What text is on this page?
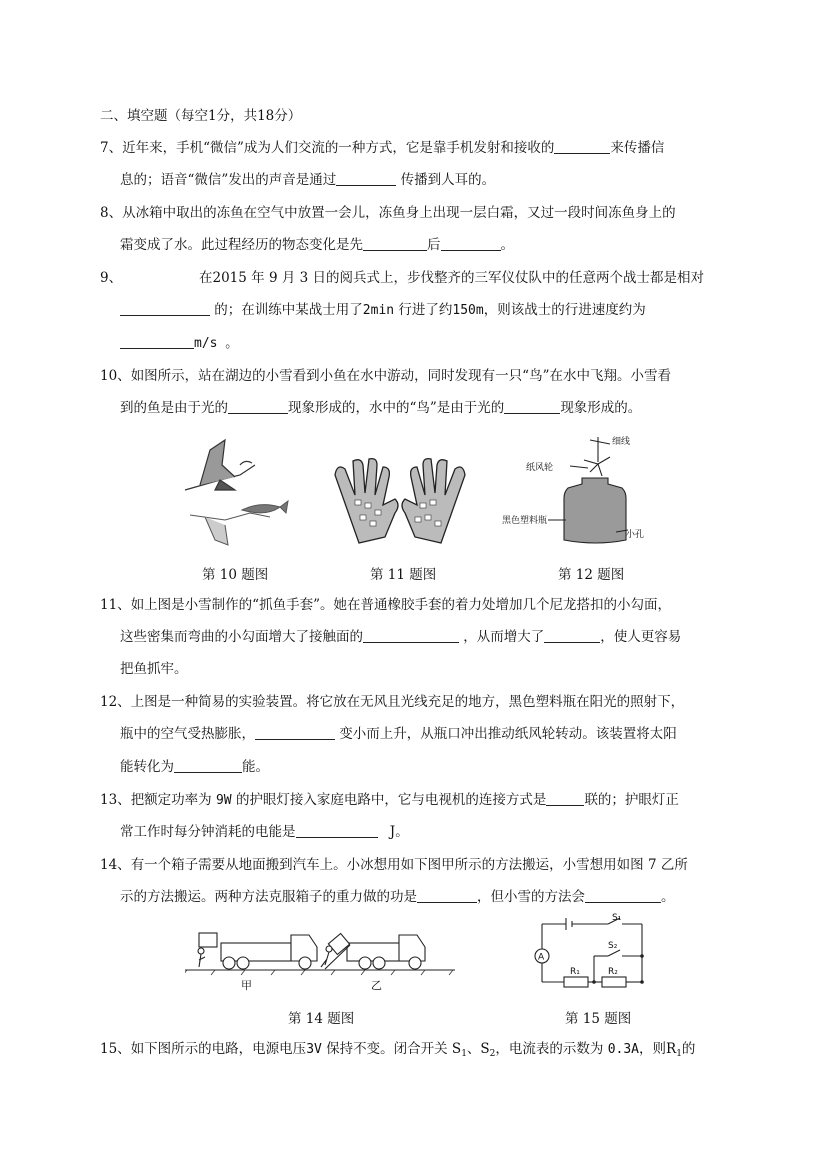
二、填空题（每空1分，共18分）
7、近年来，手机“微信”成为人们交流的一种方式，它是靠手机发射和接收的	来传播信
息的；语音“微信”发出的声音是通过	传播到人耳的。
8、从冰箱中取出的冻鱼在空气中放置一会儿，冻鱼身上出现一层白霜，又过一段时间冻鱼身上的
霜变成了水。此过程经历的物态变化是先	后	。
9、	在2015 年 9 月 3 日的阅兵式上，步伐整齐的三军仪仗队中的任意两个战士都是相对
的；在训练中某战士用了2min 行进了约150m，则该战士的行进速度约为
m/s 。
10、如图所示，站在湖边的小雪看到小鱼在水中游动，同时发现有一只“鸟”在水中飞翔。小雪看
到的鱼是由于光的	现象形成的，水中的“鸟”是由于光的	现象形成的。
第 10 题图	第 11 题图
细线
纸风轮
黑色塑料瓶
小孔
第 12 题图
11、如上图是小雪制作的“抓鱼手套”。她在普通橡胶手套的着力处增加几个尼龙搭扣的小勾面，
这些密集而弯曲的小勾面增大了接触面的	，从而增大了	，使人更容易
把鱼抓牢。
12、上图是一种简易的实验装置。将它放在无风且光线充足的地方，黑色塑料瓶在阳光的照射下，
瓶中的空气受热膨胀，	变小而上升，从瓶口冲出推动纸风轮转动。该装置将太阳
能转化为	能。
13、把额定功率为 9W 的护眼灯接入家庭电路中，它与电视机的连接方式是	联的；护眼灯正
常工作时每分钟消耗的电能是	J。
14、有一个箱子需要从地面搬到汽车上。小冰想用如下图甲所示的方法搬运，小雪想用如图 7 乙所
示的方法搬运。两种方法克服箱子的重力做的功是	，但小雪的方法会	。
甲	乙
第 14 题图
A
S₁
S₂
R₁	R₂
第 15 题图
15、如下图所示的电路，电源电压3V 保持不变。闭合开关 $S_1$、$S_2$，电流表的示数为 0.3A，则$R_1$的
